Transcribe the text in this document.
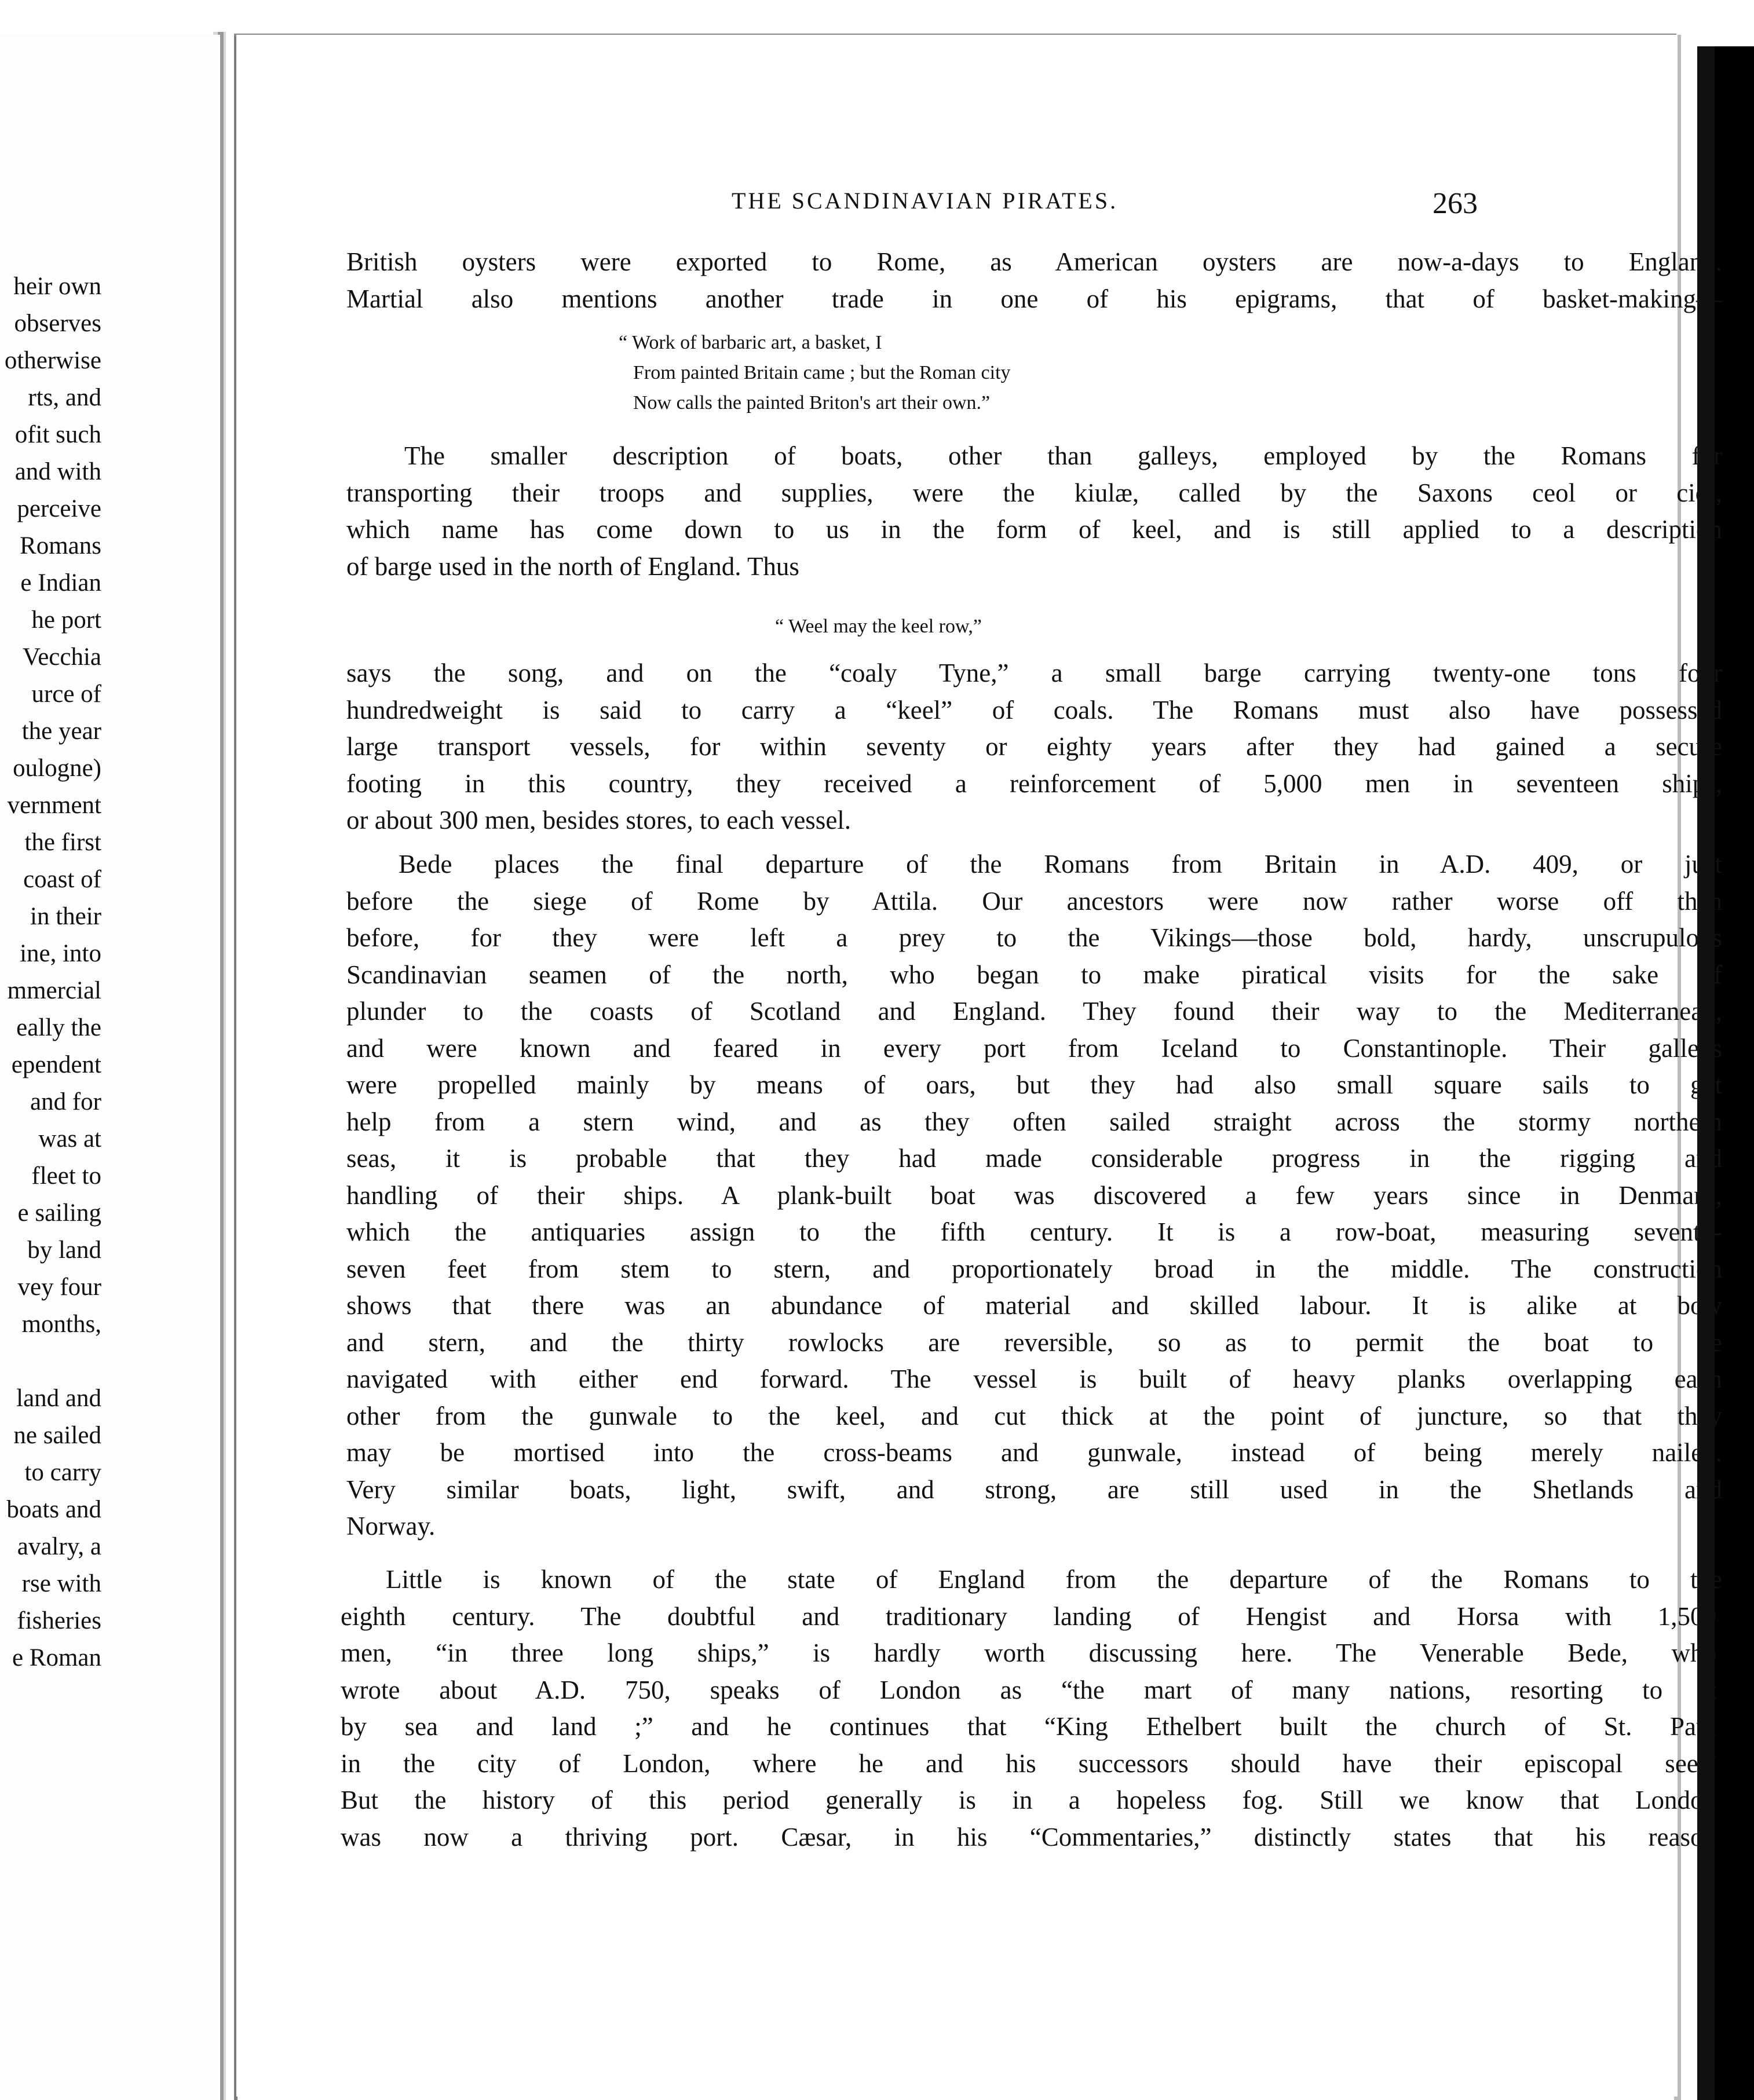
heir own
observes
otherwise
rts, and
ofit such
and with
perceive
Romans
e Indian
he port
Vecchia
urce of
the year
oulogne)
vernment
the first
coast of
in their
ine, into
mmercial
eally the
ependent
and for
was at
fleet to
e sailing
by land
vey four
months,
land and
ne sailed
to carry
boats and
avalry, a
rse with
fisheries
e Roman
THE SCANDINAVIAN PIRATES.	263
British oysters were exported to Rome, as American oysters are now-a-days to England.
Martial also mentions another trade in one of his epigrams, that of basket-making—
“ Work of barbaric art, a basket, I
From painted Britain came ; but the Roman city
Now calls the painted Briton's art their own.”
The smaller description of boats, other than galleys, employed by the Romans for
transporting their troops and supplies, were the kiulæ, called by the Saxons ceol or ciol,
which name has come down to us in the form of keel, and is still applied to a description
of barge used in the north of England. Thus
“ Weel may the keel row,”
says the song, and on the “coaly Tyne,” a small barge carrying twenty-one tons four
hundredweight is said to carry a “keel” of coals. The Romans must also have possessed
large transport vessels, for within seventy or eighty years after they had gained a secure
footing in this country, they received a reinforcement of 5,000 men in seventeen ships,
or about 300 men, besides stores, to each vessel.
Bede places the final departure of the Romans from Britain in A.D. 409, or just
before the siege of Rome by Attila. Our ancestors were now rather worse off than
before, for they were left a prey to the Vikings—those bold, hardy, unscrupulous
Scandinavian seamen of the north, who began to make piratical visits for the sake of
plunder to the coasts of Scotland and England. They found their way to the Mediterranean,
and were known and feared in every port from Iceland to Constantinople. Their galleys
were propelled mainly by means of oars, but they had also small square sails to get
help from a stern wind, and as they often sailed straight across the stormy northern
seas, it is probable that they had made considerable progress in the rigging and
handling of their ships. A plank-built boat was discovered a few years since in Denmark,
which the antiquaries assign to the fifth century. It is a row-boat, measuring seventy-
seven feet from stem to stern, and proportionately broad in the middle. The construction
shows that there was an abundance of material and skilled labour. It is alike at bow
and stern, and the thirty rowlocks are reversible, so as to permit the boat to be
navigated with either end forward. The vessel is built of heavy planks overlapping each
other from the gunwale to the keel, and cut thick at the point of juncture, so that they
may be mortised into the cross-beams and gunwale, instead of being merely nailed.
Very similar boats, light, swift, and strong, are still used in the Shetlands and
Norway.
Little is known of the state of England from the departure of the Romans to the
eighth century. The doubtful and traditionary landing of Hengist and Horsa with 1,500
men, “in three long ships,” is hardly worth discussing here. The Venerable Bede, who
wrote about A.D. 750, speaks of London as “the mart of many nations, resorting to it
by sea and land ;” and he continues that “King Ethelbert built the church of St. Paul
in the city of London, where he and his successors should have their episcopal see.”
But the history of this period generally is in a hopeless fog. Still we know that London
was now a thriving port. Cæsar, in his “Commentaries,” distinctly states that his reason
